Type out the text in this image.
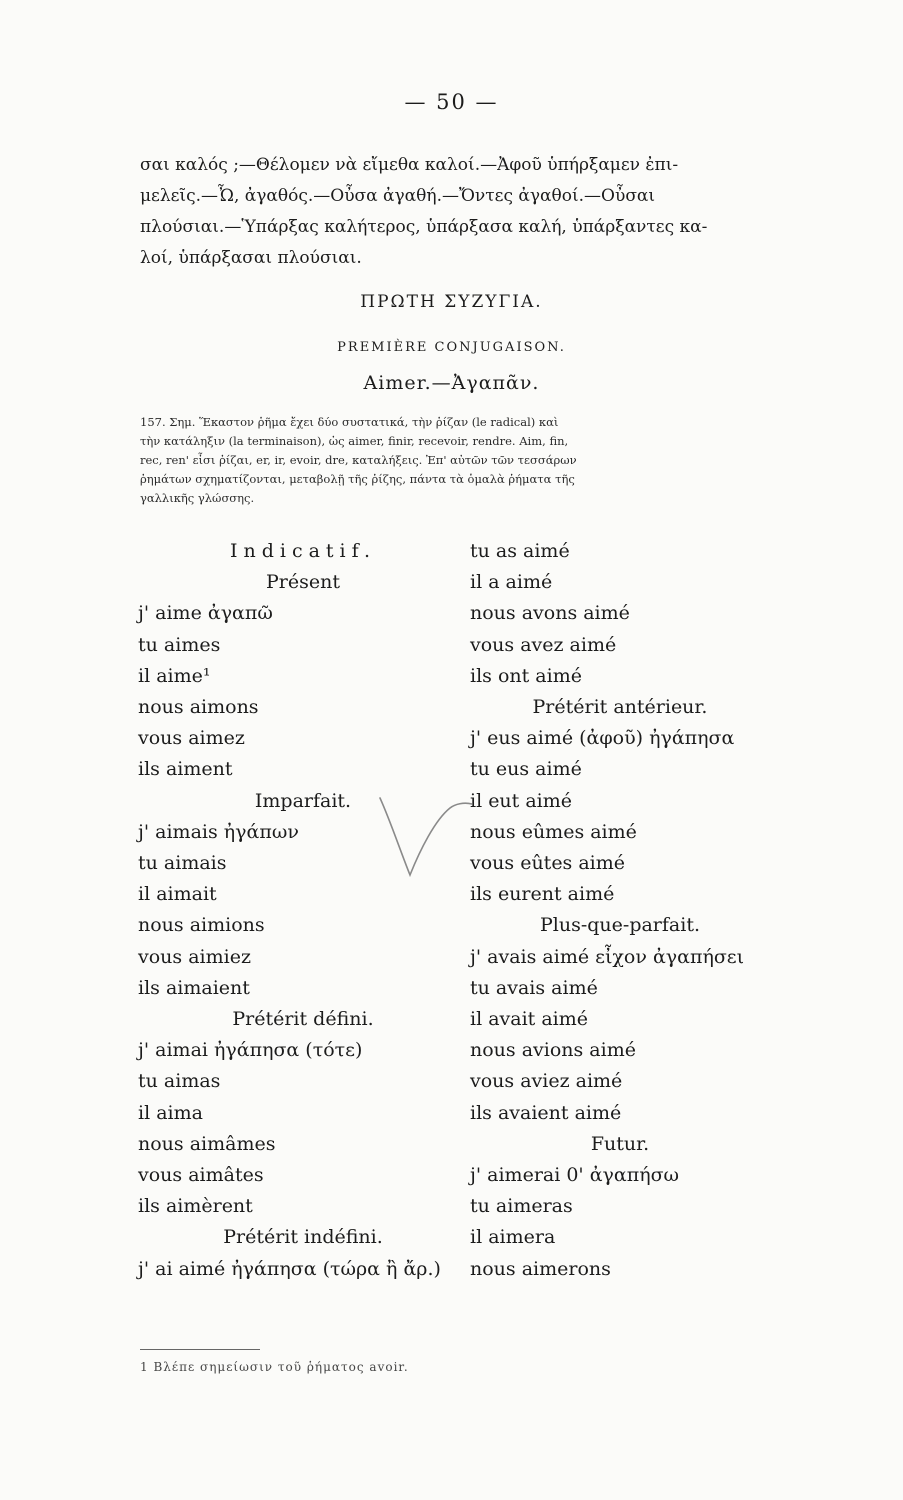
— 50 —
σαι καλός ;—Θέλομεν νὰ εἴμεθα καλοί.—Ἀφοῦ ὑπήρξαμεν ἐπι-
μελεῖς.—Ὦ, ἀγαθός.—Οὖσα ἀγαθή.—Ὄντες ἀγαθοί.—Οὖσαι
πλούσιαι.—Ὑπάρξας καλήτερος, ὑπάρξασα καλή, ὑπάρξαντες κα-
λοί, ὑπάρξασαι πλούσιαι.
ΠΡΩΤΗ ΣΥΖΥΓΙΑ.
PREMIÈRE CONJUGAISON.
Aimer.—Ἀγαπᾶν.
157. Σημ. Ἕκαστον ῥῆμα ἔχει δύο συστατικά, τὴν ῥίζαν (le radical) καὶ
τὴν κατάληξιν (la terminaison), ὡς aimer, finir, recevoir, rendre. Aim, fin,
rec, ren' εἶσι ῥίζαι, er, ir, evoir, dre, καταλήξεις. Ἐπ' αὐτῶν τῶν τεσσάρων
ῥημάτων σχηματίζονται, μεταβολῇ τῆς ῥίζης, πάντα τὰ ὁμαλὰ ῥήματα τῆς
γαλλικῆς γλώσσης.
Indicatif.
Présent
j' aime ἀγαπῶ
tu aimes
il aime¹
nous aimons
vous aimez
ils aiment
Imparfait.
j' aimais ἠγάπων
tu aimais
il aimait
nous aimions
vous aimiez
ils aimaient
Prétérit défini.
j' aimai ἠγάπησα (τότε)
tu aimas
il aima
nous aimâmes
vous aimâtes
ils aimèrent
Prétérit indéfini.
j' ai aimé ἠγάπησα (τώρα ἢ ἄρ.)
tu as aimé
il a aimé
nous avons aimé
vous avez aimé
ils ont aimé
Prétérit antérieur.
j' eus aimé (ἀφοῦ) ἠγάπησα
tu eus aimé
il eut aimé
nous eûmes aimé
vous eûtes aimé
ils eurent aimé
Plus-que-parfait.
j' avais aimé εἶχον ἀγαπήσει
tu avais aimé
il avait aimé
nous avions aimé
vous aviez aimé
ils avaient aimé
Futur.
j' aimerai 0' ἀγαπήσω
tu aimeras
il aimera
nous aimerons
1 Βλέπε σημείωσιν τοῦ ῥήματος avoir.
